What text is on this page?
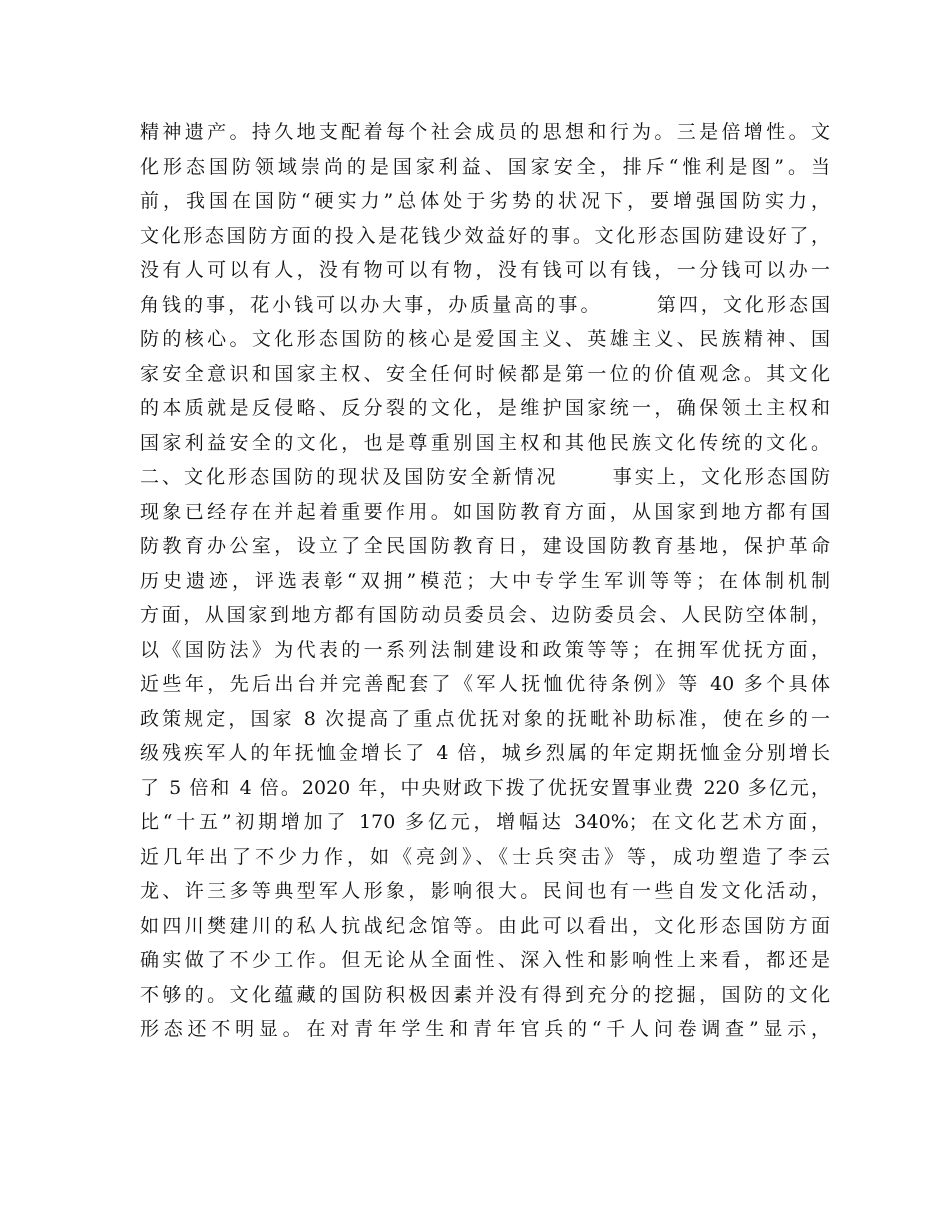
精神遗产。持久地支配着每个社会成员的思想和行为。三是倍增性。文
化形态国防领域崇尚的是国家利益、国家安全，排斥“惟利是图”。当
前，我国在国防“硬实力”总体处于劣势的状况下，要增强国防实力，
文化形态国防方面的投入是花钱少效益好的事。文化形态国防建设好了，
没有人可以有人，没有物可以有物，没有钱可以有钱，一分钱可以办一
角钱的事，花小钱可以办大事，办质量高的事。      第四，文化形态国
防的核心。文化形态国防的核心是爱国主义、英雄主义、民族精神、国
家安全意识和国家主权、安全任何时候都是第一位的价值观念。其文化
的本质就是反侵略、反分裂的文化，是维护国家统一，确保领土主权和
国家利益安全的文化，也是尊重别国主权和其他民族文化传统的文化。
二、文化形态国防的现状及国防安全新情况      事实上，文化形态国防
现象已经存在并起着重要作用。如国防教育方面，从国家到地方都有国
防教育办公室，设立了全民国防教育日，建设国防教育基地，保护革命
历史遗迹，评选表彰“双拥”模范；大中专学生军训等等；在体制机制
方面，从国家到地方都有国防动员委员会、边防委员会、人民防空体制，
以《国防法》为代表的一系列法制建设和政策等等；在拥军优抚方面，
近些年，先后出台并完善配套了《军人抚恤优待条例》等 40 多个具体
政策规定，国家 8 次提高了重点优抚对象的抚毗补助标准，使在乡的一
级残疾军人的年抚恤金增长了 4 倍，城乡烈属的年定期抚恤金分别增长
了 5 倍和 4 倍。2020 年，中央财政下拨了优抚安置事业费 220 多亿元，
比“十五”初期增加了 170 多亿元，增幅达 340%；在文化艺术方面，
近几年出了不少力作，如《亮剑》、《士兵突击》等，成功塑造了李云
龙、许三多等典型军人形象，影响很大。民间也有一些自发文化活动，
如四川樊建川的私人抗战纪念馆等。由此可以看出，文化形态国防方面
确实做了不少工作。但无论从全面性、深入性和影响性上来看，都还是
不够的。文化蕴藏的国防积极因素并没有得到充分的挖掘，国防的文化
形态还不明显。在对青年学生和青年官兵的“千人问卷调查”显示，
